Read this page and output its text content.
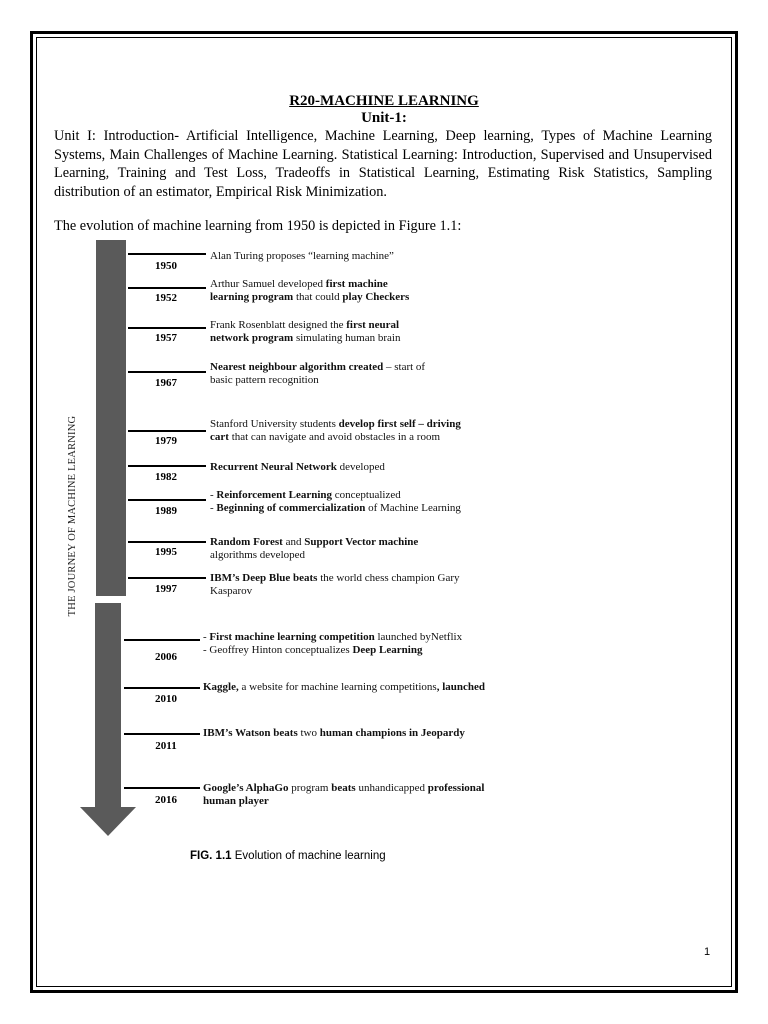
R20-MACHINE LEARNING
Unit-1:
Unit I: Introduction- Artificial Intelligence, Machine Learning, Deep learning, Types of Machine Learning Systems, Main Challenges of Machine Learning. Statistical Learning: Introduction, Supervised and Unsupervised Learning, Training and Test Loss, Tradeoffs in Statistical Learning, Estimating Risk Statistics, Sampling distribution of an estimator, Empirical Risk Minimization.
The evolution of machine learning from 1950 is depicted in Figure 1.1:
THE JOURNEY OF MACHINE LEARNING
1950
Alan Turing proposes “learning machine”
1952
Arthur Samuel developed first machine
learning program that could play Checkers
1957
Frank Rosenblatt designed the first neural
network program simulating human brain
1967
Nearest neighbour algorithm created – start of
basic pattern recognition
1979
Stanford University students develop first self – driving
cart that can navigate and avoid obstacles in a room
1982
Recurrent Neural Network developed
1989
- Reinforcement Learning conceptualized
- Beginning of commercialization of Machine Learning
1995
Random Forest and Support Vector machine
algorithms developed
1997
IBM’s Deep Blue beats the world chess champion Gary
Kasparov
2006
- First machine learning competition launched byNetflix
- Geoffrey Hinton conceptualizes Deep Learning
2010
Kaggle, a website for machine learning competitions, launched
2011
IBM’s Watson beats two human champions in Jeopardy
2016
Google’s AlphaGo program beats unhandicapped professional
human player
FIG. 1.1 Evolution of machine learning
1
